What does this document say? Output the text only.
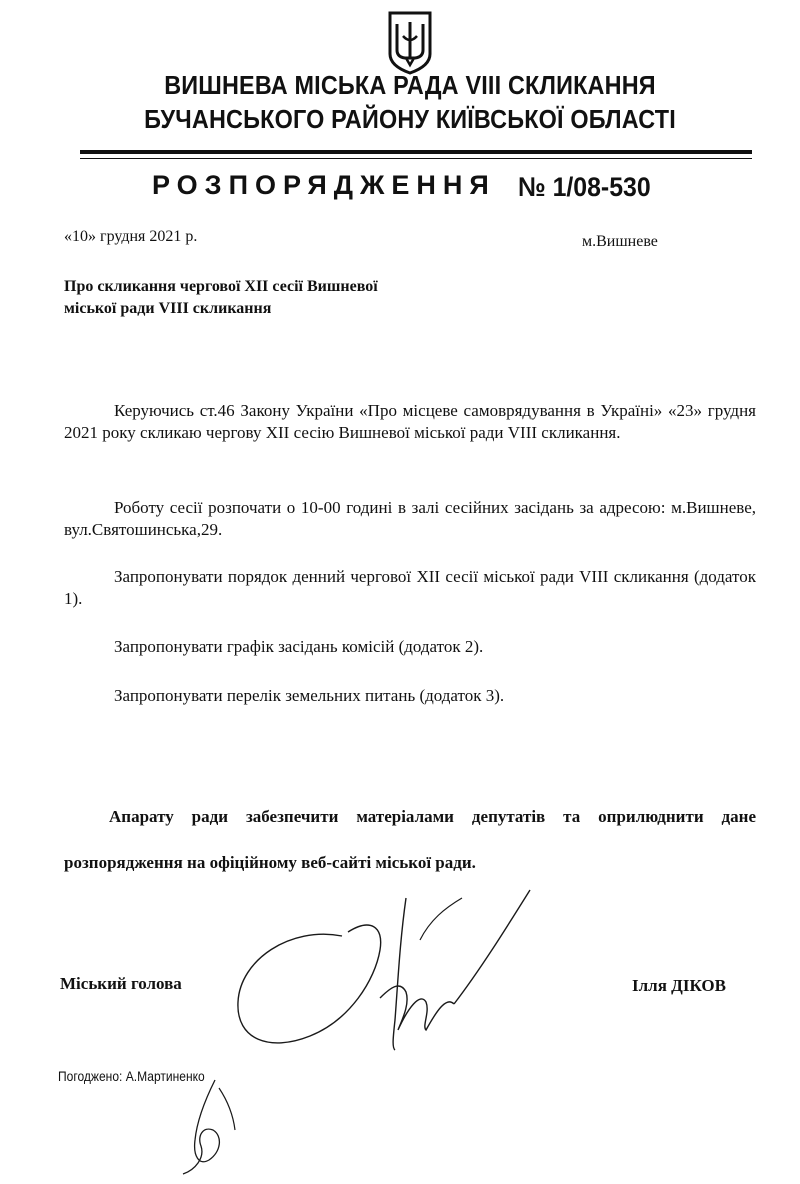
ВИШНЕВА МІСЬКА РАДА VIII СКЛИКАННЯ
БУЧАНСЬКОГО РАЙОНУ КИЇВСЬКОЇ ОБЛАСТІ
РОЗПОРЯДЖЕННЯ № 1/08-530
«10» грудня 2021 р.	м.Вишневе
Про скликання чергової XII сесії Вишневої
міської ради VIII скликання
Керуючись ст.46 Закону України «Про місцеве самоврядування в Україні» «23» грудня 2021 року скликаю чергову XII сесію Вишневої міської ради VIII скликання.
Роботу сесії розпочати о 10-00 годині в залі сесійних засідань за адресою: м.Вишневе, вул.Святошинська,29.
Запропонувати порядок денний чергової XII сесії міської ради VIII скликання (додаток 1).
Запропонувати графік засідань комісій (додаток 2).
Запропонувати перелік земельних питань (додаток 3).
Апарату ради забезпечити матеріалами депутатів та оприлюднити дане розпорядження на офіційному веб-сайті міської ради.
Міський голова	Ілля ДІКОВ
Погоджено: А.Мартиненко
